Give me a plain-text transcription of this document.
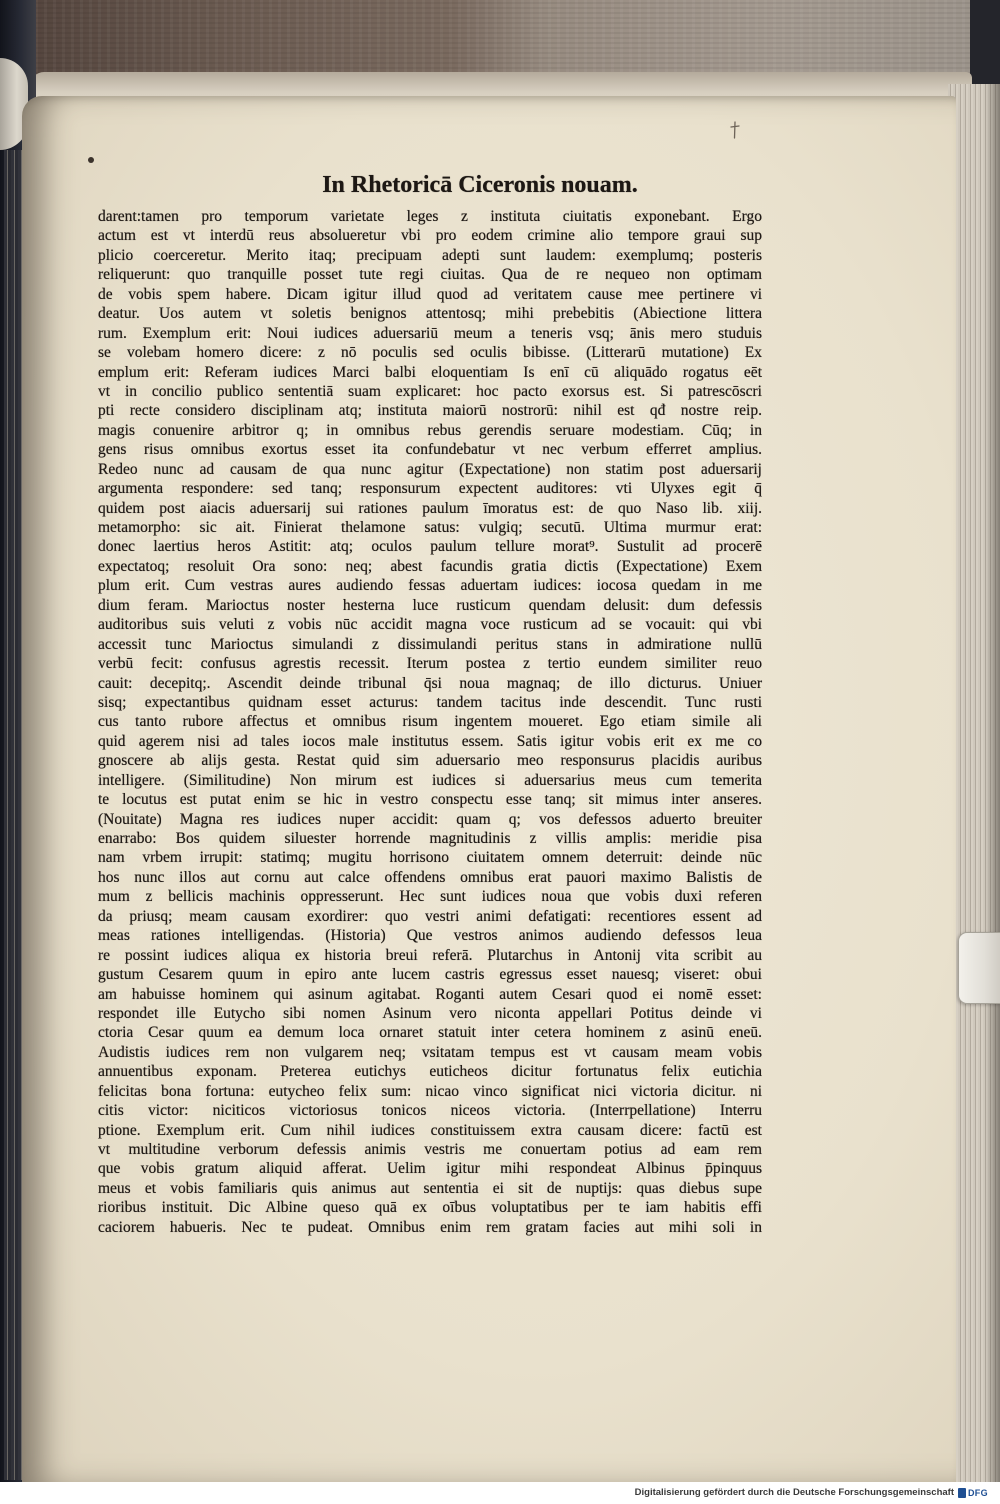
In Rhetoricā Ciceronis nouam.
darent:tamen pro temporum varietate leges z instituta ciuitatis exponebant. Ergo
actum est vt interdū reus absolueretur vbi pro eodem crimine alio tempore graui sup
plicio coerceretur. Merito itaq; precipuam adepti sunt laudem: exemplumq; posteris
reliquerunt: quo tranquille posset tute regi ciuitas. Qua de re nequeo non optimam
de vobis spem habere. Dicam igitur illud quod ad veritatem cause mee pertinere vi
deatur. Uos autem vt soletis benignos attentosq; mihi prebebitis (Abiectione littera
rum. Exemplum erit: Noui iudices aduersariū meum a teneris vsq; ānis mero studuis
se volebam homero dicere: z nō poculis sed oculis bibisse. (Litterarū mutatione) Ex
emplum erit: Referam iudices Marci balbi eloquentiam Is enī cū aliquādo rogatus eēt
vt in concilio publico sententiā suam explicaret: hoc pacto exorsus est. Si patrescōscri
pti recte considero disciplinam atq; instituta maiorū nostrorū: nihil est qđ nostre reip.
magis conuenire arbitror q; in omnibus rebus gerendis seruare modestiam. Cūq; in
gens risus omnibus exortus esset ita confundebatur vt nec verbum efferret amplius.
Redeo nunc ad causam de qua nunc agitur (Expectatione) non statim post aduersarij
argumenta respondere: sed tanq; responsurum expectent auditores: vti Ulyxes egit q̄
quidem post aiacis aduersarij sui rationes paulum īmoratus est: de quo Naso lib. xiij.
metamorpho: sic ait. Finierat thelamone satus: vulgiq; secutū. Ultima murmur erat:
donec laertius heros Astitit: atq; oculos paulum tellure morat⁹. Sustulit ad procerē
expectatoq; resoluit Ora sono: neq; abest facundis gratia dictis (Expectatione) Exem
plum erit. Cum vestras aures audiendo fessas aduertam iudices: iocosa quedam in me
dium feram. Marioctus noster hesterna luce rusticum quendam delusit: dum defessis
auditoribus suis veluti z vobis nūc accidit magna voce rusticum ad se vocauit: qui vbi
accessit tunc Marioctus simulandi z dissimulandi peritus stans in admiratione nullū
verbū fecit: confusus agrestis recessit. Iterum postea z tertio eundem similiter reuo
cauit: decepitq;. Ascendit deinde tribunal q̄si noua magnaq; de illo dicturus. Uniuer
sisq; expectantibus quidnam esset acturus: tandem tacitus inde descendit. Tunc rusti
cus tanto rubore affectus et omnibus risum ingentem moueret. Ego etiam simile ali
quid agerem nisi ad tales iocos male institutus essem. Satis igitur vobis erit ex me co
gnoscere ab alijs gesta. Restat quid sim aduersario meo responsurus placidis auribus
intelligere. (Similitudine) Non mirum est iudices si aduersarius meus cum temerita
te locutus est putat enim se hic in vestro conspectu esse tanq; sit mimus inter anseres.
(Nouitate) Magna res iudices nuper accidit: quam q; vos defessos aduerto breuiter
enarrabo: Bos quidem siluester horrende magnitudinis z villis amplis: meridie pisa
nam vrbem irrupit: statimq; mugitu horrisono ciuitatem omnem deterruit: deinde nūc
hos nunc illos aut cornu aut calce offendens omnibus erat pauori maximo Balistis de
mum z bellicis machinis oppresserunt. Hec sunt iudices noua que vobis duxi referen
da priusq; meam causam exordirer: quo vestri animi defatigati: recentiores essent ad
meas rationes intelligendas. (Historia) Que vestros animos audiendo defessos leua
re possint iudices aliqua ex historia breui referā. Plutarchus in Antonij vita scribit au
gustum Cesarem quum in epiro ante lucem castris egressus esset nauesq; viseret: obui
am habuisse hominem qui asinum agitabat. Roganti autem Cesari quod ei nomē esset:
respondet ille Eutycho sibi nomen Asinum vero niconta appellari Potitus deinde vi
ctoria Cesar quum ea demum loca ornaret statuit inter cetera hominem z asinū eneū.
Audistis iudices rem non vulgarem neq; vsitatam tempus est vt causam meam vobis
annuentibus exponam. Preterea eutichys euticheos dicitur fortunatus felix eutichia
felicitas bona fortuna: eutycheo felix sum: nicao vinco significat nici victoria dicitur. ni
citis victor: niciticos victoriosus tonicos niceos victoria. (Interrpellatione) Interru
ptione. Exemplum erit. Cum nihil iudices constituissem extra causam dicere: factū est
vt multitudine verborum defessis animis vestris me conuertam potius ad eam rem
que vobis gratum aliquid afferat. Uelim igitur mihi respondeat Albinus p̄pinquus
meus et vobis familiaris quis animus aut sententia ei sit de nuptijs: quas diebus supe
rioribus instituit. Dic Albine queso quā ex oībus voluptatibus per te iam habitis effi
caciorem habueris. Nec te pudeat. Omnibus enim rem gratam facies aut mihi soli in
Digitalisierung gefördert durch die Deutsche Forschungsgemeinschaft DFG
